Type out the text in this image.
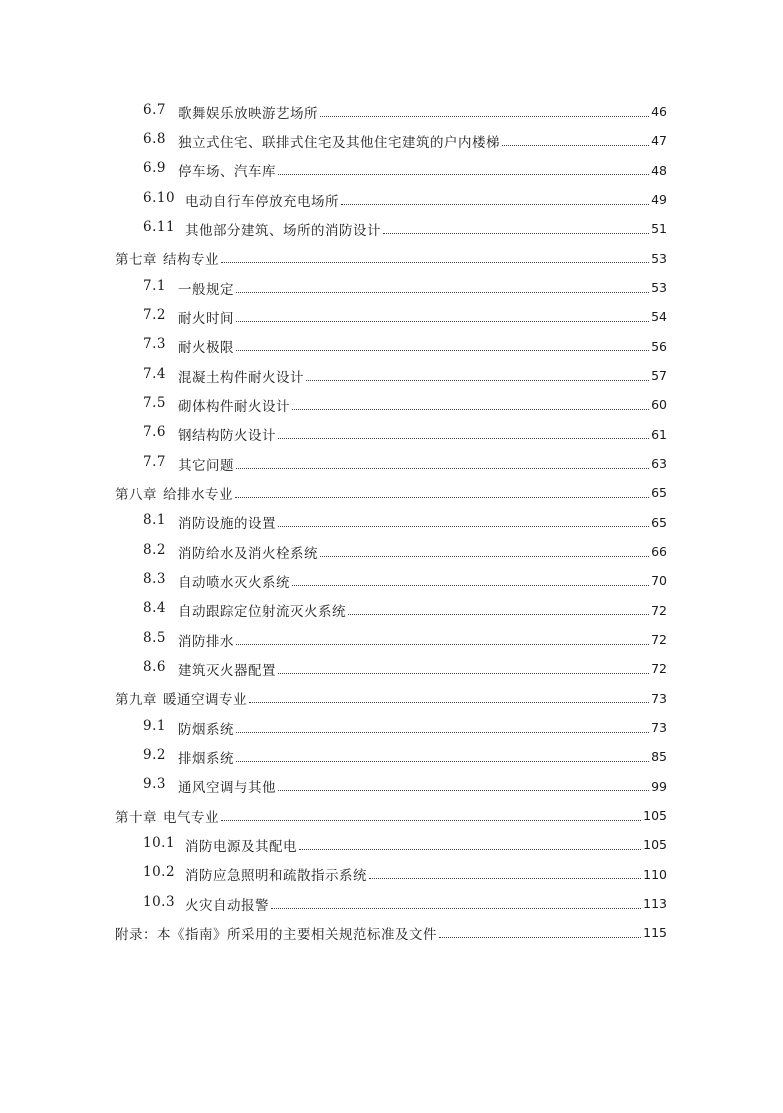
6.7 歌舞娱乐放映游艺场所	46
6.8 独立式住宅、联排式住宅及其他住宅建筑的户内楼梯	47
6.9 停车场、汽车库	48
6.10 电动自行车停放充电场所	49
6.11 其他部分建筑、场所的消防设计	51
第七章 结构专业	53
7.1 一般规定	53
7.2 耐火时间	54
7.3 耐火极限	56
7.4 混凝土构件耐火设计	57
7.5 砌体构件耐火设计	60
7.6 钢结构防火设计	61
7.7 其它问题	63
第八章 给排水专业	65
8.1 消防设施的设置	65
8.2 消防给水及消火栓系统	66
8.3 自动喷水灭火系统	70
8.4 自动跟踪定位射流灭火系统	72
8.5 消防排水	72
8.6 建筑灭火器配置	72
第九章 暖通空调专业	73
9.1 防烟系统	73
9.2 排烟系统	85
9.3 通风空调与其他	99
第十章 电气专业	105
10.1 消防电源及其配电	105
10.2 消防应急照明和疏散指示系统	110
10.3 火灾自动报警	113
附录：本《指南》所采用的主要相关规范标准及文件	115
